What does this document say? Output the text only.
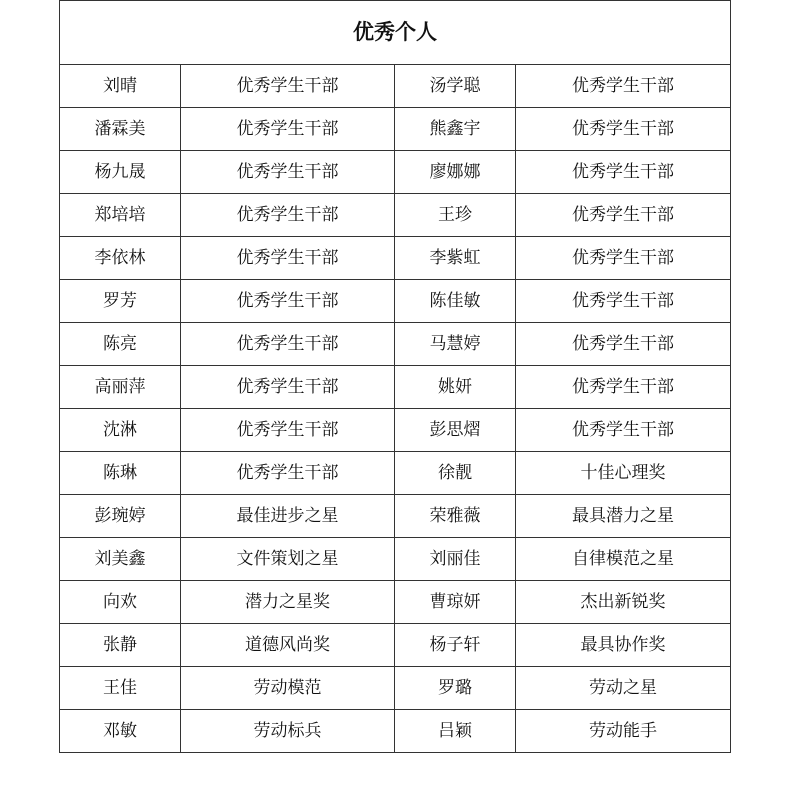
优秀个人			
刘晴	优秀学生干部	汤学聪	优秀学生干部
潘霖美	优秀学生干部	熊鑫宇	优秀学生干部
杨九晟	优秀学生干部	廖娜娜	优秀学生干部
郑培培	优秀学生干部	王珍	优秀学生干部
李依林	优秀学生干部	李紫虹	优秀学生干部
罗芳	优秀学生干部	陈佳敏	优秀学生干部
陈亮	优秀学生干部	马慧婷	优秀学生干部
高丽萍	优秀学生干部	姚妍	优秀学生干部
沈淋	优秀学生干部	彭思熠	优秀学生干部
陈琳	优秀学生干部	徐靓	十佳心理奖
彭琬婷	最佳进步之星	荣雅薇	最具潜力之星
刘美鑫	文件策划之星	刘丽佳	自律模范之星
向欢	潜力之星奖	曹琼妍	杰出新锐奖
张静	道德风尚奖	杨子轩	最具协作奖
王佳	劳动模范	罗璐	劳动之星
邓敏	劳动标兵	吕颖	劳动能手
